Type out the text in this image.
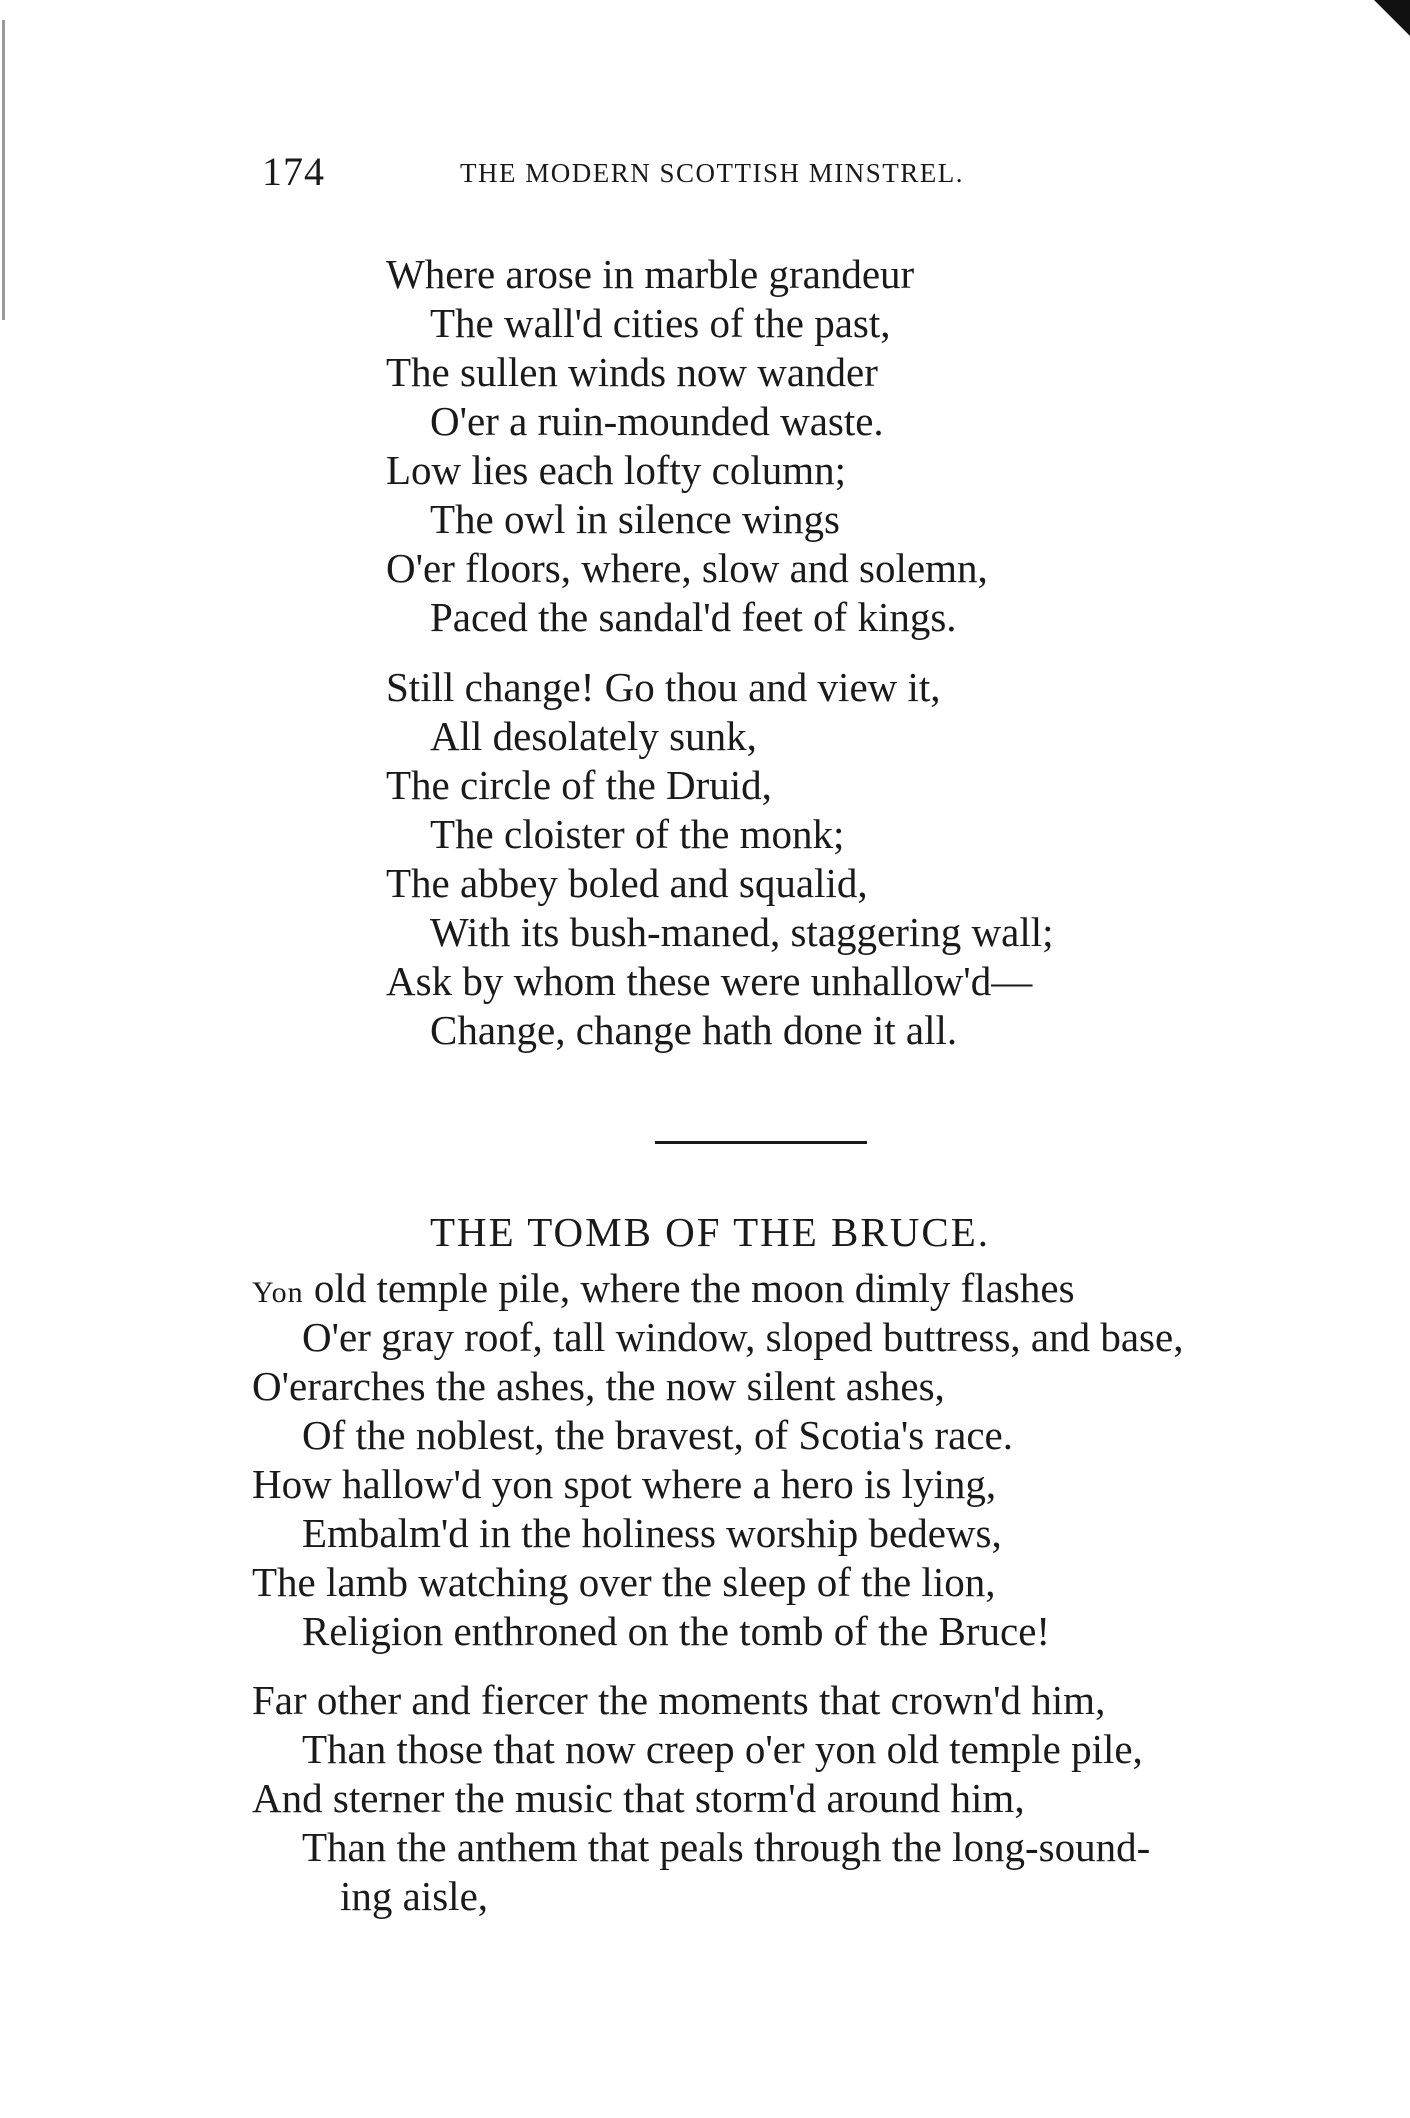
174	THE MODERN SCOTTISH MINSTREL.
Where arose in marble grandeur
The wall'd cities of the past,
The sullen winds now wander
O'er a ruin-mounded waste.
Low lies each lofty column;
The owl in silence wings
O'er floors, where, slow and solemn,
Paced the sandal'd feet of kings.
Still change! Go thou and view it,
All desolately sunk,
The circle of the Druid,
The cloister of the monk;
The abbey boled and squalid,
With its bush-maned, staggering wall;
Ask by whom these were unhallow'd—
Change, change hath done it all.
THE TOMB OF THE BRUCE.
Yon old temple pile, where the moon dimly flashes
O'er gray roof, tall window, sloped buttress, and base,
O'erarches the ashes, the now silent ashes,
Of the noblest, the bravest, of Scotia's race.
How hallow'd yon spot where a hero is lying,
Embalm'd in the holiness worship bedews,
The lamb watching over the sleep of the lion,
Religion enthroned on the tomb of the Bruce!
Far other and fiercer the moments that crown'd him,
Than those that now creep o'er yon old temple pile,
And sterner the music that storm'd around him,
Than the anthem that peals through the long-sound-
ing aisle,
